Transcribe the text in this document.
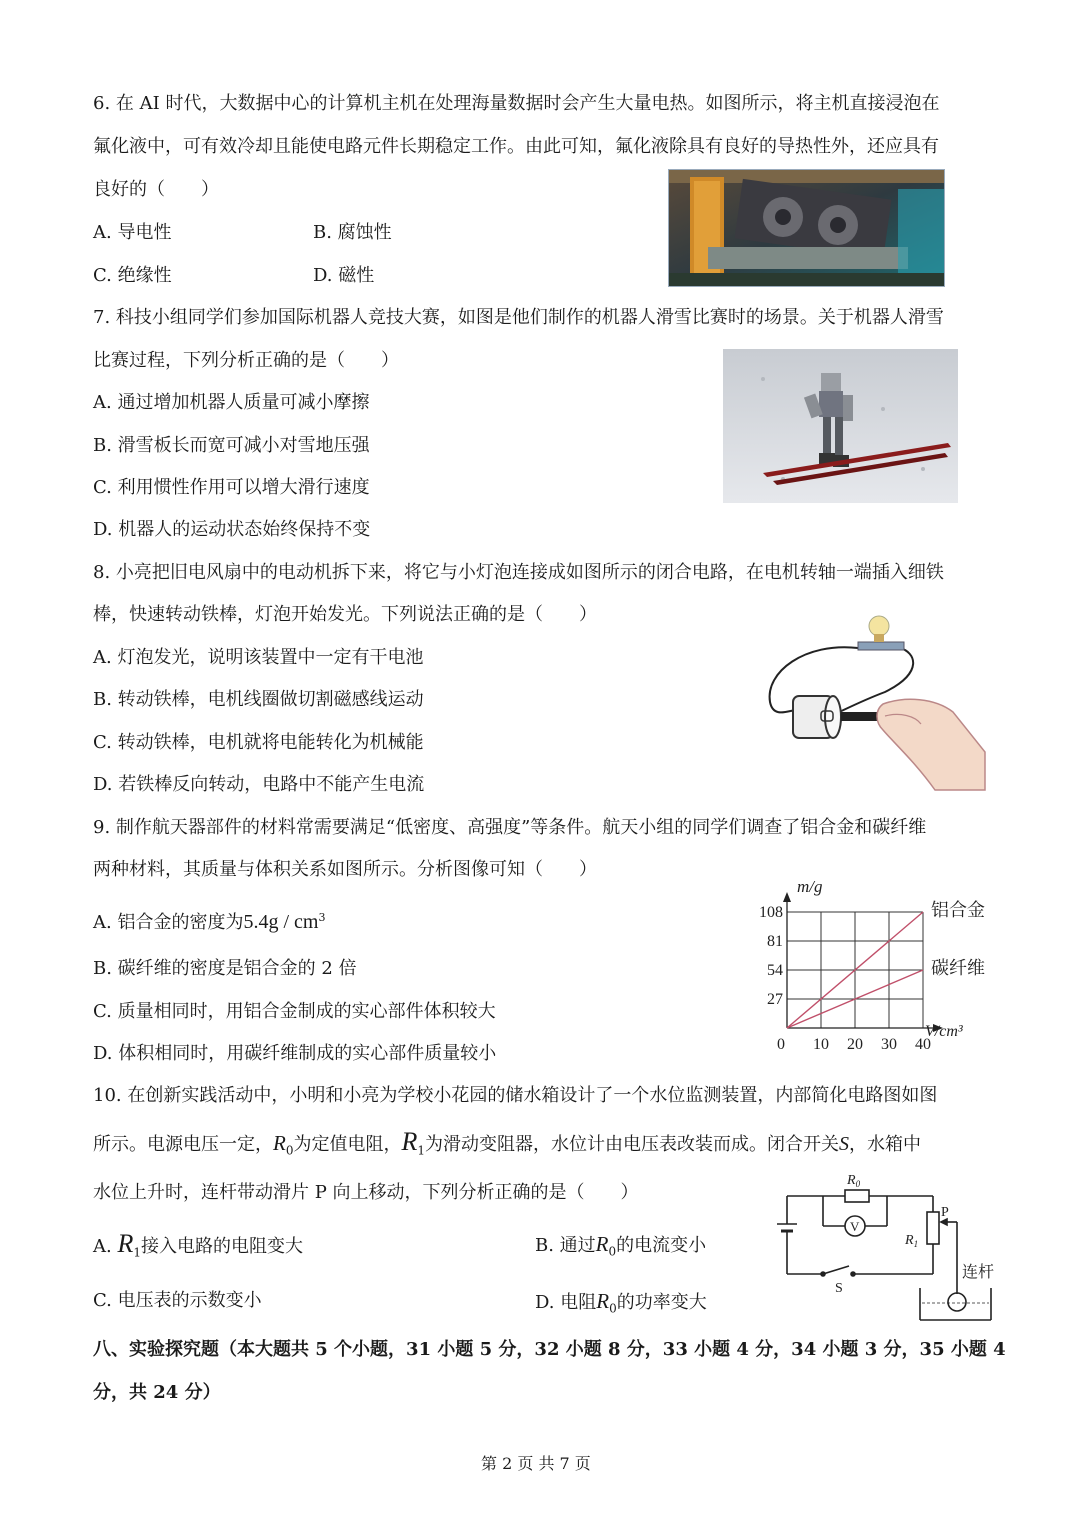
6. 在 AI 时代，大数据中心的计算机主机在处理海量数据时会产生大量电热。如图所示，将主机直接浸泡在
氟化液中，可有效冷却且能使电路元件长期稳定工作。由此可知，氟化液除具有良好的导热性外，还应具有
良好的（　　）
A. 导电性	B. 腐蚀性
C. 绝缘性	D. 磁性
7. 科技小组同学们参加国际机器人竞技大赛，如图是他们制作的机器人滑雪比赛时的场景。关于机器人滑雪
比赛过程，下列分析正确的是（　　）
A. 通过增加机器人质量可减小摩擦
B. 滑雪板长而宽可减小对雪地压强
C. 利用惯性作用可以增大滑行速度
D. 机器人的运动状态始终保持不变
8. 小亮把旧电风扇中的电动机拆下来，将它与小灯泡连接成如图所示的闭合电路，在电机转轴一端插入细铁
棒，快速转动铁棒，灯泡开始发光。下列说法正确的是（　　）
A. 灯泡发光，说明该装置中一定有干电池
B. 转动铁棒，电机线圈做切割磁感线运动
C. 转动铁棒，电机就将电能转化为机械能
D. 若铁棒反向转动，电路中不能产生电流
9. 制作航天器部件的材料常需要满足“低密度、高强度”等条件。航天小组的同学们调查了铝合金和碳纤维
两种材料，其质量与体积关系如图所示。分析图像可知（　　）
A. 铝合金的密度为$5.4g / cm^3$
B. 碳纤维的密度是铝合金的 2 倍
C. 质量相同时，用铝合金制成的实心部件体积较大
D. 体积相同时，用碳纤维制成的实心部件质量较小	0 10 20 30 40
27
54
81
108
m/g
V/cm³
铝合金
碳纤维
10. 在创新实践活动中，小明和小亮为学校小花园的储水箱设计了一个水位监测装置，内部简化电路图如图
所示。电源电压一定，$R_0$为定值电阻，$R_1$为滑动变阻器，水位计由电压表改装而成。闭合开关S，水箱中
水位上升时，连杆带动滑片 P 向上移动，下列分析正确的是（　　）
A. $R_1$接入电路的电阻变大	B. 通过$R_0$的电流变小
C. 电压表的示数变小	D. 电阻$R_0$的功率变大
$R_0$
V
$R_1$
P
S
连杆
八、实验探究题（本大题共 5 个小题，31 小题 5 分，32 小题 8 分，33 小题 4 分，34 小题 3 分，35 小题 4
分，共 24 分）
第 2 页 共 7 页
